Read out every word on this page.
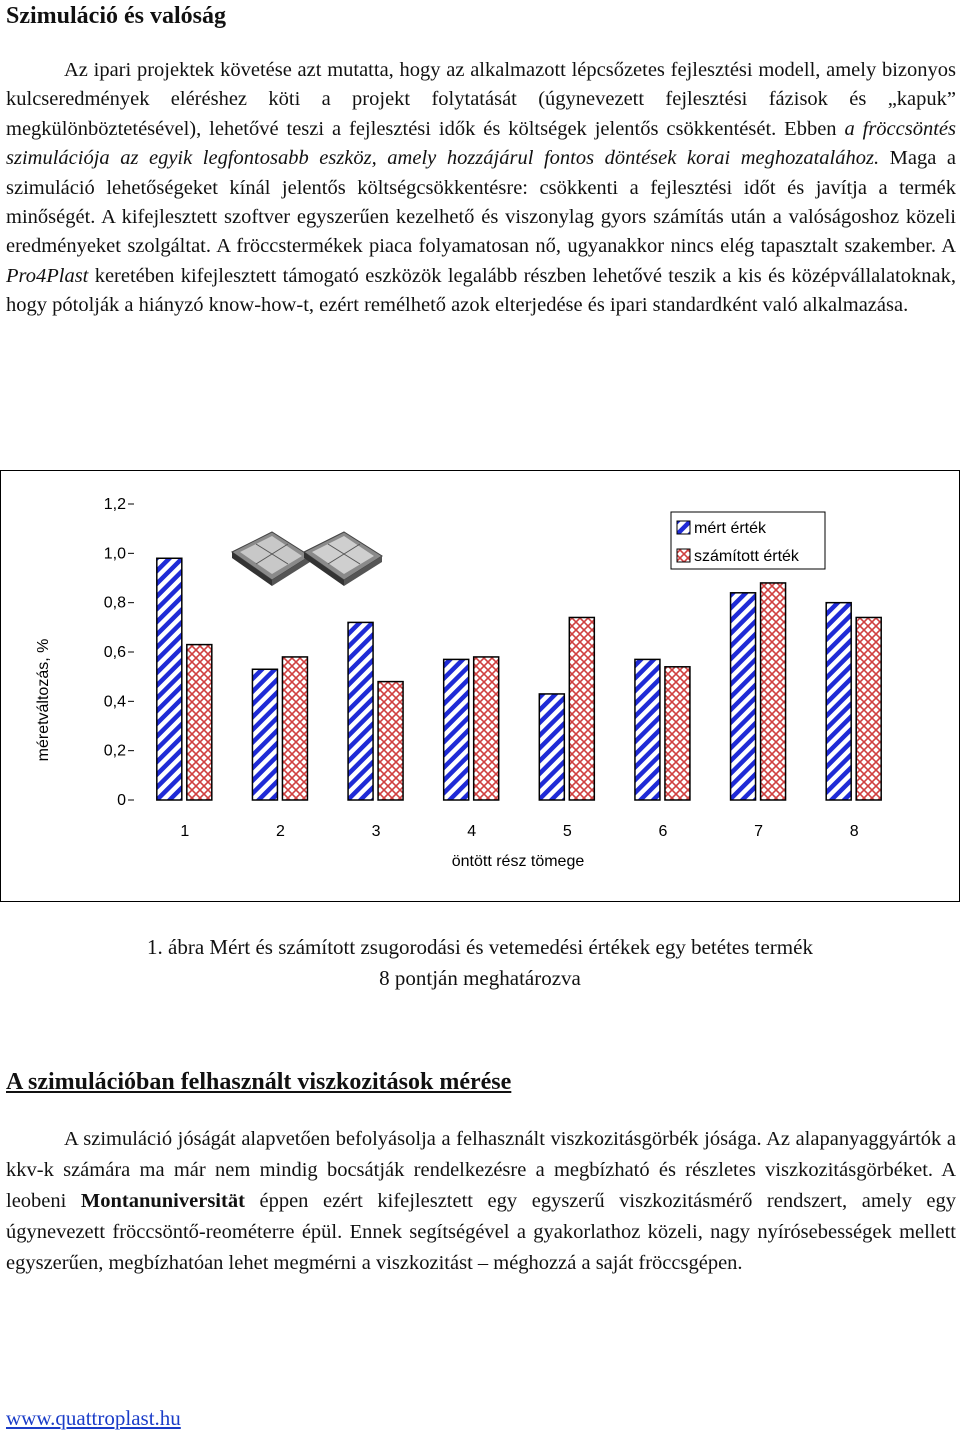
Szimuláció és valóság

Az ipari projektek követése azt mutatta, hogy az alkalmazott lépcsőzetes fejlesztési modell, amely bizonyos kulcseredmények eléréshez köti a projekt folytatását (úgynevezett fejlesztési fázisok és „kapuk” megkülönböztetésével), lehetővé teszi a fejlesztési idők és költségek jelentős csökkentését. Ebben a fröccsöntés szimulációja az egyik legfontosabb eszköz, amely hozzájárul fontos döntések korai meghozatalához. Maga a szimuláció lehetőségeket kínál jelentős költségcsökkentésre: csökkenti a fejlesztési időt és javítja a termék minőségét. A kifejlesztett szoftver egyszerűen kezelhető és viszonylag gyors számítás után a valóságoshoz közeli eredményeket szolgáltat. A fröccstermékek piaca folyamatosan nő, ugyanakkor nincs elég tapasztalt szakember. A Pro4Plast keretében kifejlesztett támogató eszközök legalább részben lehetővé teszik a kis és középvállalatoknak, hogy pótolják a hiányzó know-how-t, ezért remélhető azok elterjedése és ipari standardként való alkalmazása.

0
0,2
0,4
0,6
0,8
1,0
1,2
1	2	3	4	5	6	7	8
méretváltozás, %
öntött rész tömege
mért érték
számított érték
1. ábra Mért és számított zsugorodási és vetemedési értékek egy betétes termék
8 pontján meghatározva
A szimulációban felhasznált viszkozitások mérése

A szimuláció jóságát alapvetően befolyásolja a felhasznált viszkozitásgörbék jósága. Az alapanyaggyártók a kkv-k számára ma már nem mindig bocsátják rendelkezésre a megbízható és részletes viszkozitásgörbéket. A leobeni Montanuniversität éppen ezért kifejlesztett egy egyszerű viszkozitásmérő rendszert, amely egy úgynevezett fröccsöntő-reométerre épül. Ennek segítségével a gyakorlathoz közeli, nagy nyírósebességek mellett egyszerűen, megbízhatóan lehet megmérni a viszkozitást – méghozzá a saját fröccsgépen.

www.quattroplast.hu
